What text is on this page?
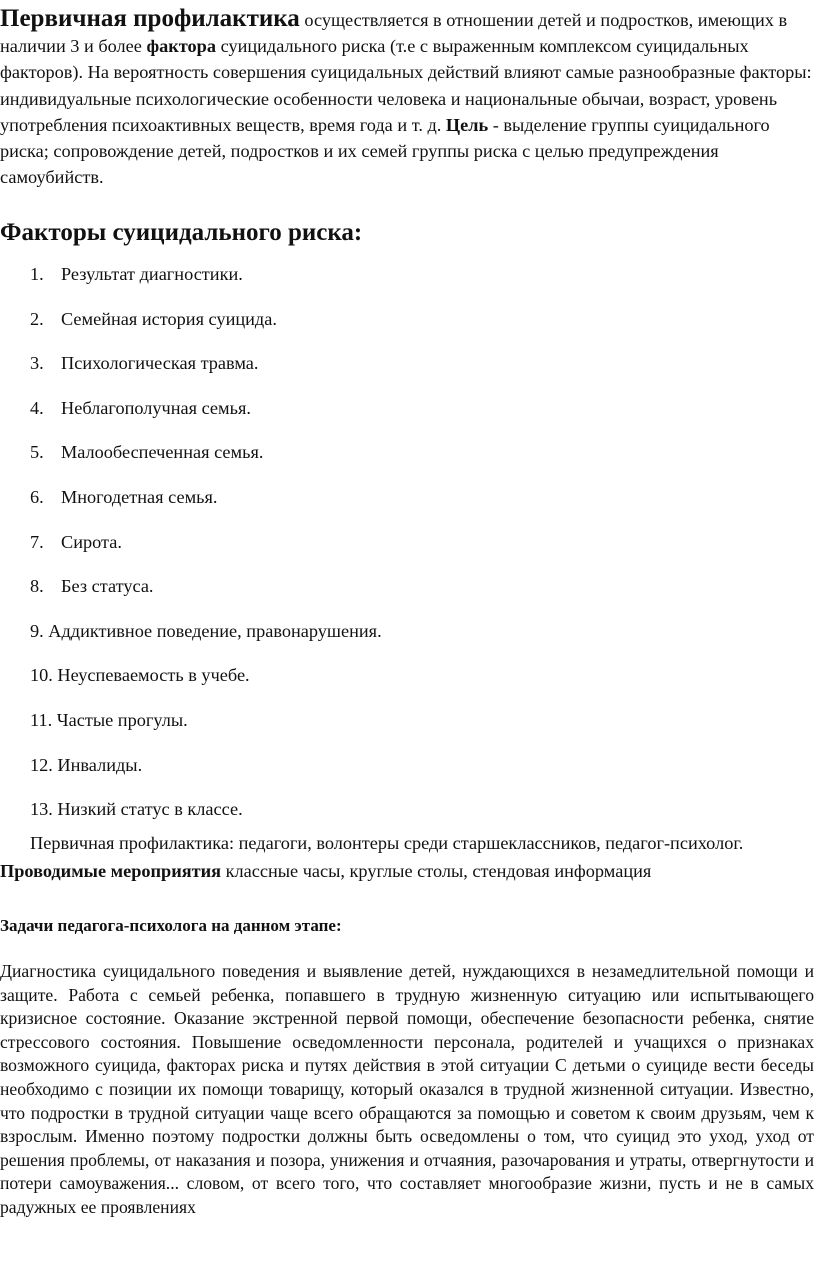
Первичная профилактика осуществляется в отношении детей и подростков, имеющих в наличии 3 и более фактора суицидального риска (т.е с выраженным комплексом суицидальных факторов). На вероятность совершения суицидальных действий влияют самые разнообразные факторы: индивидуальные психологические особенности человека и национальные обычаи, возраст, уровень употребления психоактивных веществ, время года и т. д. Цель - выделение группы суицидального риска; сопровождение детей, подростков и их семей группы риска с целью предупреждения самоубийств.

Факторы суицидального риска:
1. Результат диагностики.
2. Семейная история суицида.
3. Психологическая травма.
4. Неблагополучная семья.
5. Малообеспеченная семья.
6. Многодетная семья.
7. Сирота.
8. Без статуса.
9. Аддиктивное поведение, правонарушения.
10. Неуспеваемость в учебе.
11. Частые прогулы.
12. Инвалиды.
13. Низкий статус в классе.

Первичная профилактика: педагоги, волонтеры среди старшеклассников, педагог-психолог. Проводимые мероприятия классные часы, круглые столы, стендовая информация

Задачи педагога-психолога на данном этапе:

Диагностика суицидального поведения и выявление детей, нуждающихся в незамедлительной помощи и защите. Работа с семьей ребенка, попавшего в трудную жизненную ситуацию или испытывающего кризисное состояние. Оказание экстренной первой помощи, обеспечение безопасности ребенка, снятие стрессового состояния. Повышение осведомленности персонала, родителей и учащихся о признаках возможного суицида, факторах риска и путях действия в этой ситуации С детьми о суициде вести беседы необходимо с позиции их помощи товарищу, который оказался в трудной жизненной ситуации. Известно, что подростки в трудной ситуации чаще всего обращаются за помощью и советом к своим друзьям, чем к взрослым. Именно поэтому подростки должны быть осведомлены о том, что суицид это уход, уход от решения проблемы, от наказания и позора, унижения и отчаяния, разочарования и утраты, отвергнутости и потери самоуважения... словом, от всего того, что составляет многообразие жизни, пусть и не в самых радужных ее проявлениях
